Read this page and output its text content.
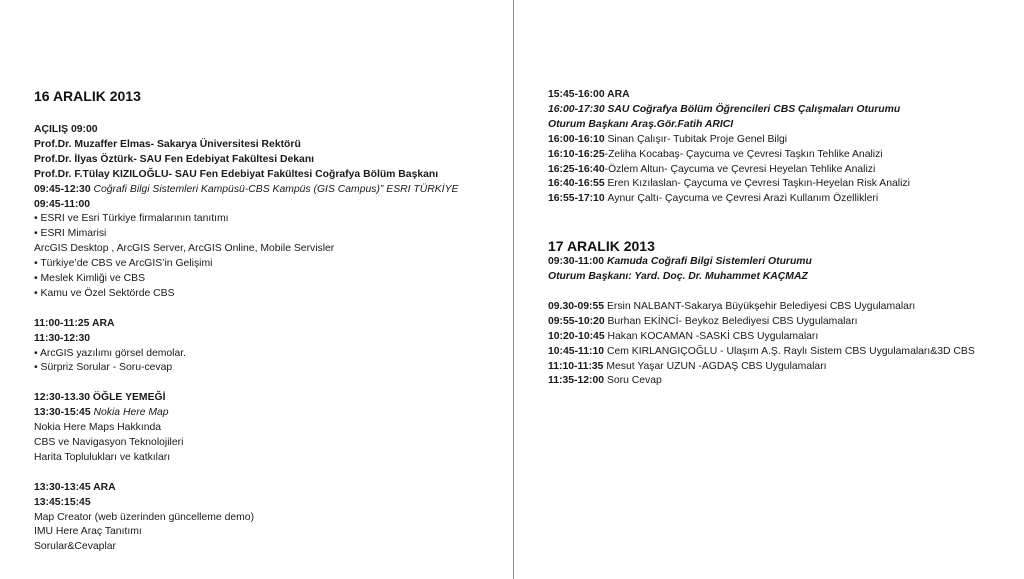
16 ARALIK 2013
AÇILIŞ 09:00
Prof.Dr. Muzaffer Elmas- Sakarya Üniversitesi Rektörü
Prof.Dr. İlyas Öztürk- SAU Fen Edebiyat Fakültesi Dekanı
Prof.Dr. F.Tülay KIZILOĞLU- SAU Fen Edebiyat Fakültesi Coğrafya Bölüm Başkanı
09:45-12:30 Coğrafi Bilgi Sistemleri Kampüsü-CBS Kampüs (GIS Campus)” ESRI TÜRKİYE
09:45-11:00
• ESRI ve Esri Türkiye firmalarının tanıtımı
• ESRI Mimarisi
ArcGIS Desktop , ArcGIS Server, ArcGIS Online, Mobile Servisler
• Türkiye’de CBS ve ArcGIS’in Gelişimi
• Meslek Kimliği ve CBS
• Kamu ve Özel Sektörde CBS
11:00-11:25 ARA
11:30-12:30
• ArcGIS yazılımı görsel demolar.
• Sürpriz Sorular - Soru-cevap
12:30-13.30 ÖĞLE YEMEĞİ
13:30-15:45 Nokia Here Map
Nokia Here Maps Hakkında
CBS ve Navigasyon Teknolojileri
Harita Toplulukları ve katkıları
13:30-13:45 ARA
13:45:15:45
Map Creator (web üzerinden güncelleme demo)
IMU Here Araç Tanıtımı
Sorular&Cevaplar
15:45-16:00 ARA
16:00-17:30 SAU Coğrafya Bölüm Öğrencileri CBS Çalışmaları Oturumu
Oturum Başkanı Araş.Gör.Fatih ARICI
16:00-16:10 Sinan Çalışır- Tubitak Proje Genel Bilgi
16:10-16:25-Zeliha Kocabaş- Çaycuma ve Çevresi Taşkın Tehlike Analizi
16:25-16:40-Özlem Altun- Çaycuma ve Çevresi Heyelan Tehlike Analizi
16:40-16:55 Eren Kızılaslan- Çaycuma ve Çevresi Taşkın-Heyelan Risk Analizi
16:55-17:10 Aynur Çaltı- Çaycuma ve Çevresi Arazi Kullanım Özellikleri
17 ARALIK 2013
09:30-11:00 Kamuda Coğrafi Bilgi Sistemleri Oturumu
Oturum Başkanı: Yard. Doç. Dr. Muhammet KAÇMAZ
09.30-09:55 Ersin NALBANT-Sakarya Büyükşehir Belediyesi CBS Uygulamaları
09:55-10:20 Burhan EKİNCİ- Beykoz Belediyesi CBS Uygulamaları
10:20-10:45 Hakan KOCAMAN -SASKİ CBS Uygulamaları
10:45-11:10 Cem KIRLANGIÇOĞLU - Ulaşım A.Ş. Raylı Sistem CBS Uygulamaları&3D CBS
11:10-11:35 Mesut Yaşar UZUN -AGDAŞ CBS Uygulamaları
11:35-12:00 Soru Cevap
